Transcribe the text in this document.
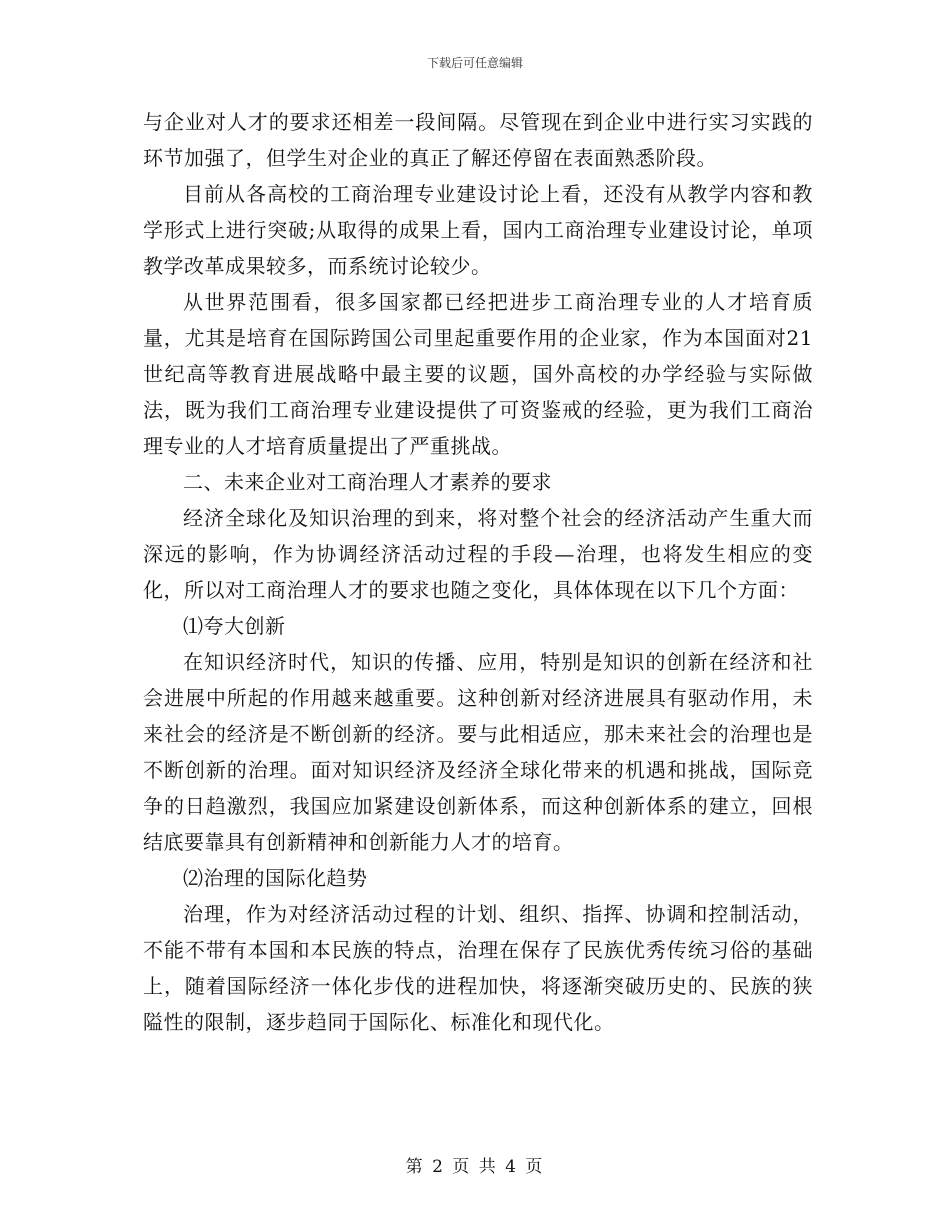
下载后可任意编辑

与企业对人才的要求还相差一段间隔。尽管现在到企业中进行实习实践的环节加强了，但学生对企业的真正了解还停留在表面熟悉阶段。

目前从各高校的工商治理专业建设讨论上看，还没有从教学内容和教学形式上进行突破;从取得的成果上看，国内工商治理专业建设讨论，单项教学改革成果较多，而系统讨论较少。

从世界范围看，很多国家都已经把进步工商治理专业的人才培育质量，尤其是培育在国际跨国公司里起重要作用的企业家，作为本国面对21世纪高等教育进展战略中最主要的议题，国外高校的办学经验与实际做法，既为我们工商治理专业建设提供了可资鉴戒的经验，更为我们工商治理专业的人才培育质量提出了严重挑战。

二、未来企业对工商治理人才素养的要求

经济全球化及知识治理的到来，将对整个社会的经济活动产生重大而深远的影响，作为协调经济活动过程的手段—治理，也将发生相应的变化，所以对工商治理人才的要求也随之变化，具体体现在以下几个方面：

⑴夸大创新

在知识经济时代，知识的传播、应用，特别是知识的创新在经济和社会进展中所起的作用越来越重要。这种创新对经济进展具有驱动作用，未来社会的经济是不断创新的经济。要与此相适应，那未来社会的治理也是不断创新的治理。面对知识经济及经济全球化带来的机遇和挑战，国际竞争的日趋激烈，我国应加紧建设创新体系，而这种创新体系的建立，回根结底要靠具有创新精神和创新能力人才的培育。

⑵治理的国际化趋势

治理，作为对经济活动过程的计划、组织、指挥、协调和控制活动，不能不带有本国和本民族的特点，治理在保存了民族优秀传统习俗的基础上，随着国际经济一体化步伐的进程加快，将逐渐突破历史的、民族的狭隘性的限制，逐步趋同于国际化、标准化和现代化。

第 2 页 共 4 页
